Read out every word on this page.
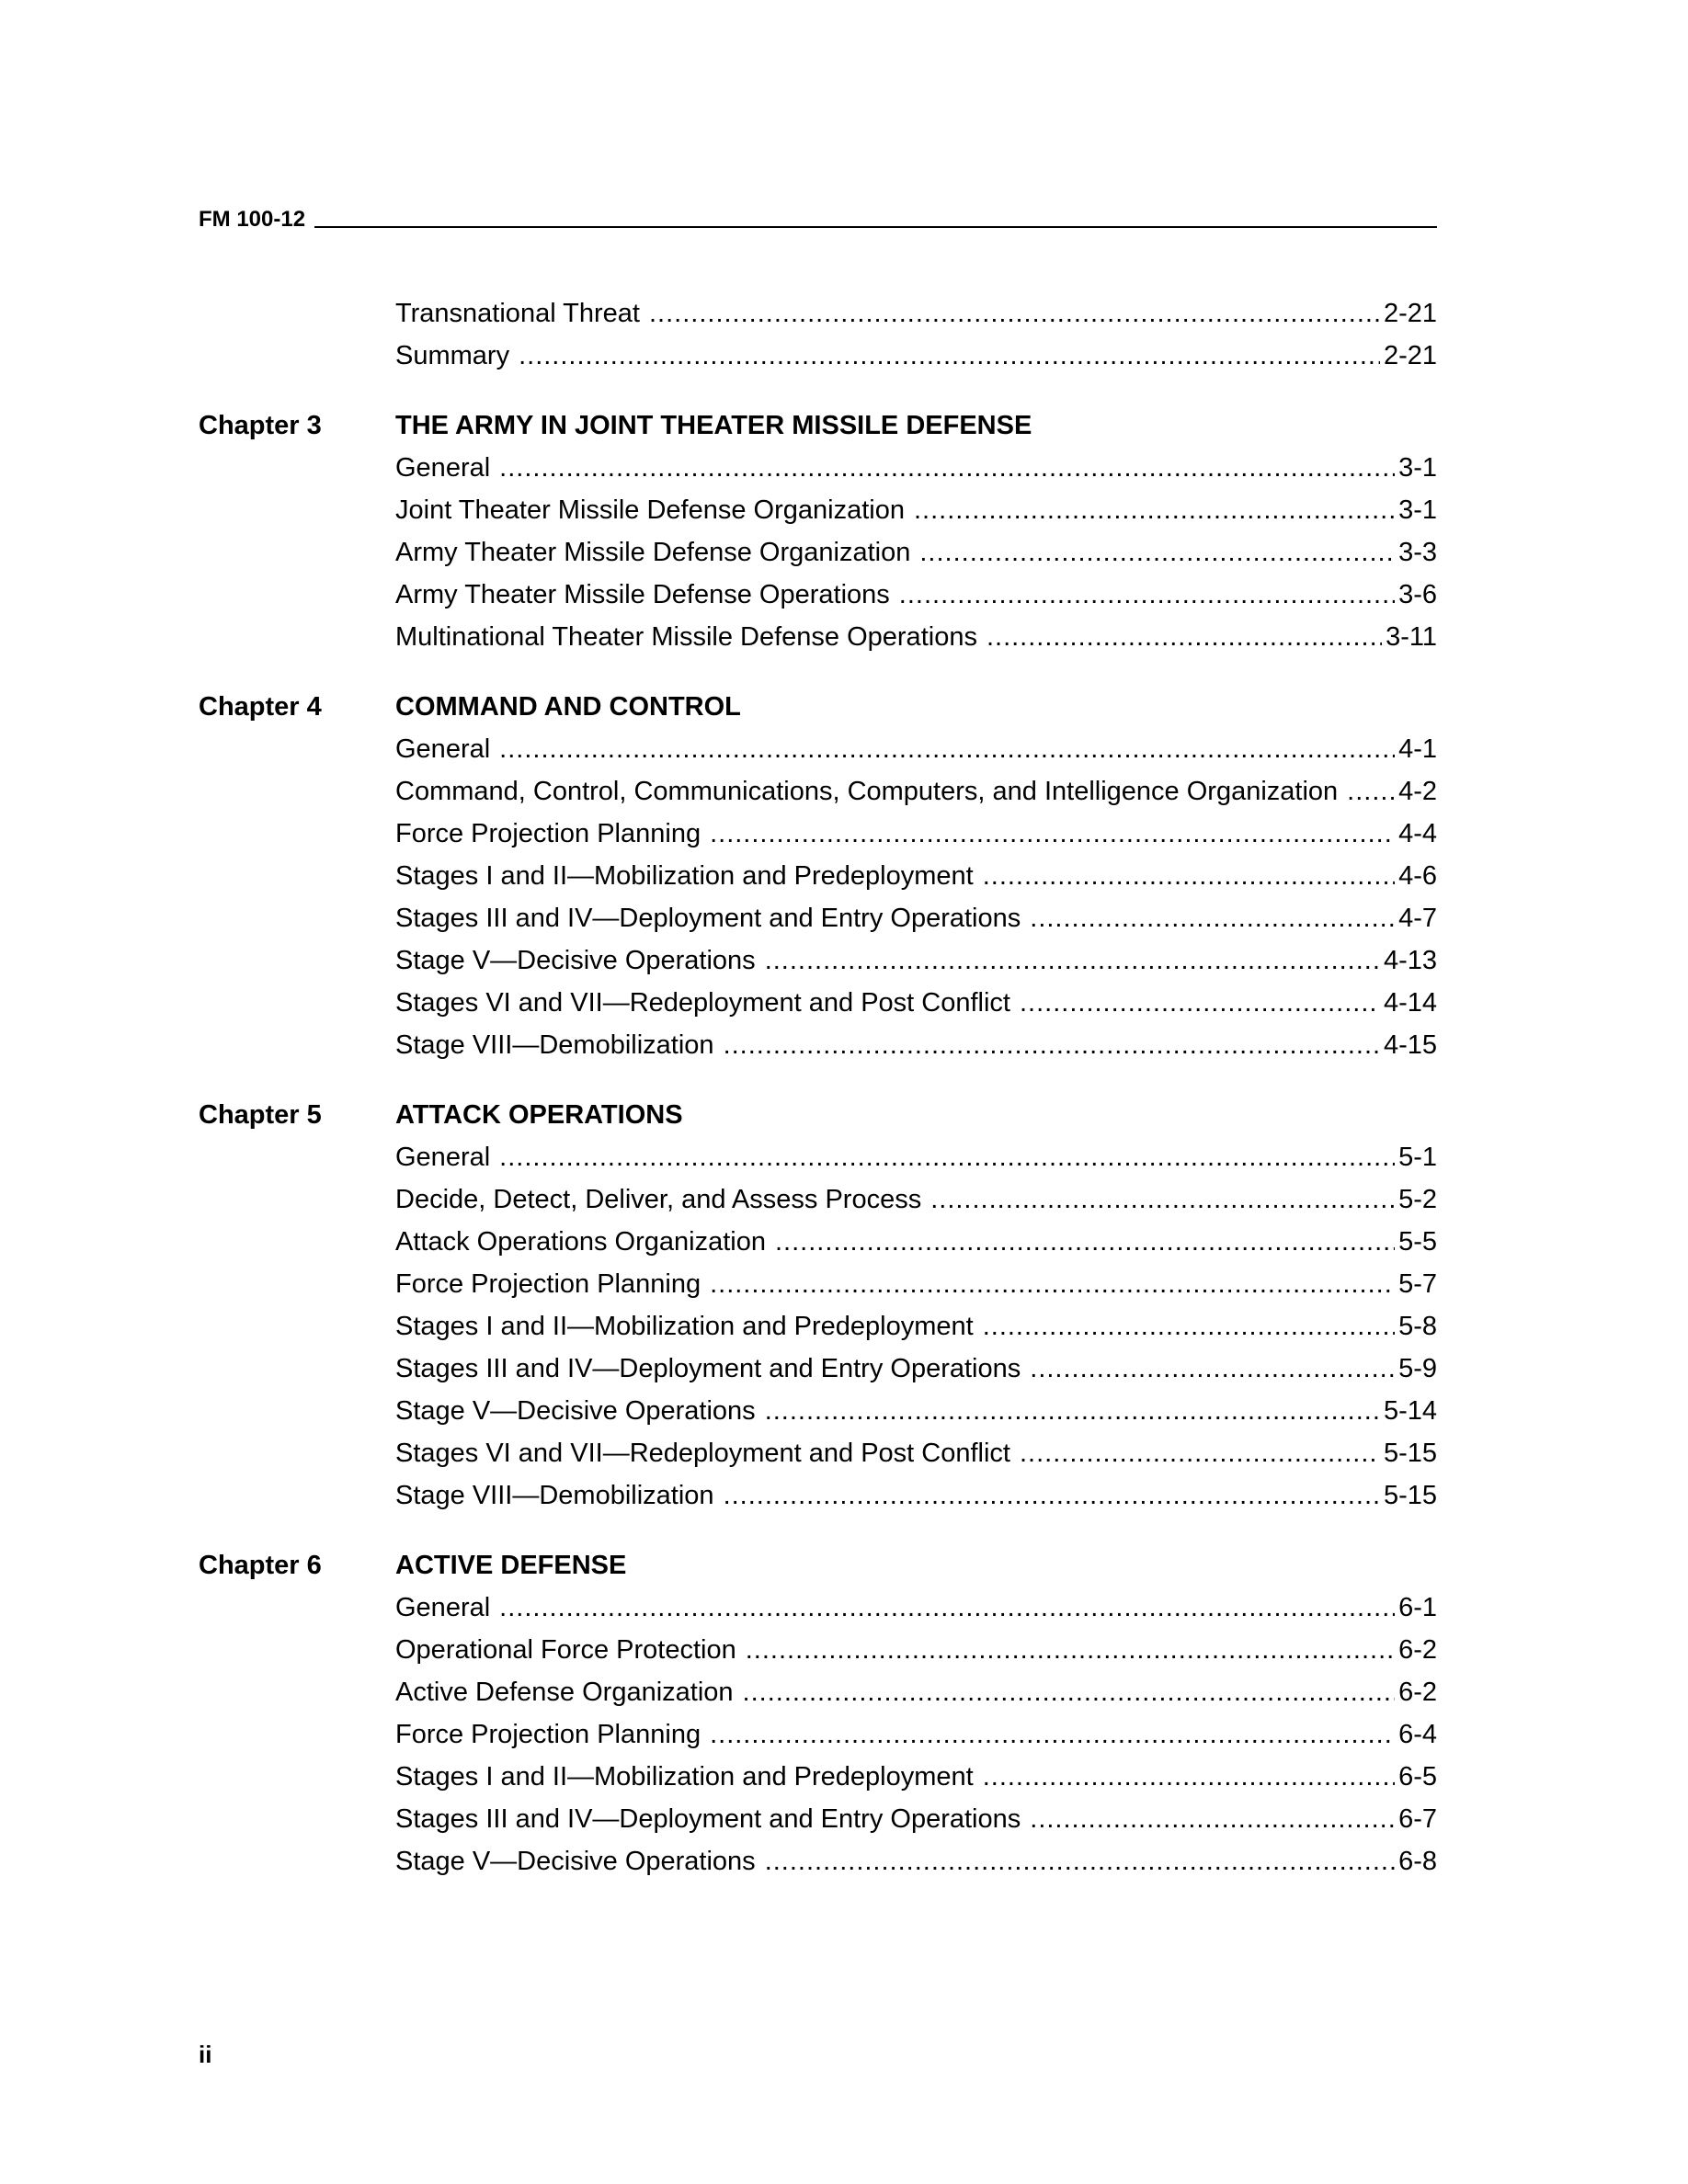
FM 100-12
Transnational Threat .....	2-21
Summary .....	2-21
Chapter 3	THE ARMY IN JOINT THEATER MISSILE DEFENSE
General .....	3-1
Joint Theater Missile Defense Organization .....	3-1
Army Theater Missile Defense Organization .....	3-3
Army Theater Missile Defense Operations .....	3-6
Multinational Theater Missile Defense Operations .....	3-11
Chapter 4	COMMAND AND CONTROL
General .....	4-1
Command, Control, Communications, Computers, and Intelligence Organization ..... 4-2
Force Projection Planning .....	4-4
Stages I and II—Mobilization and Predeployment .....	4-6
Stages III and IV—Deployment and Entry Operations .....	4-7
Stage V—Decisive Operations .....	4-13
Stages VI and VII—Redeployment and Post Conflict .....	4-14
Stage VIII—Demobilization .....	4-15
Chapter 5	ATTACK OPERATIONS
General .....	5-1
Decide, Detect, Deliver, and Assess Process .....	5-2
Attack Operations Organization .....	5-5
Force Projection Planning .....	5-7
Stages I and II—Mobilization and Predeployment .....	5-8
Stages III and IV—Deployment and Entry Operations .....	5-9
Stage V—Decisive Operations .....	5-14
Stages VI and VII—Redeployment and Post Conflict .....	5-15
Stage VIII—Demobilization .....	5-15
Chapter 6	ACTIVE DEFENSE
General .....	6-1
Operational Force Protection .....	6-2
Active Defense Organization .....	6-2
Force Projection Planning .....	6-4
Stages I and II—Mobilization and Predeployment .....	6-5
Stages III and IV—Deployment and Entry Operations .....	6-7
Stage V—Decisive Operations .....	6-8
ii
